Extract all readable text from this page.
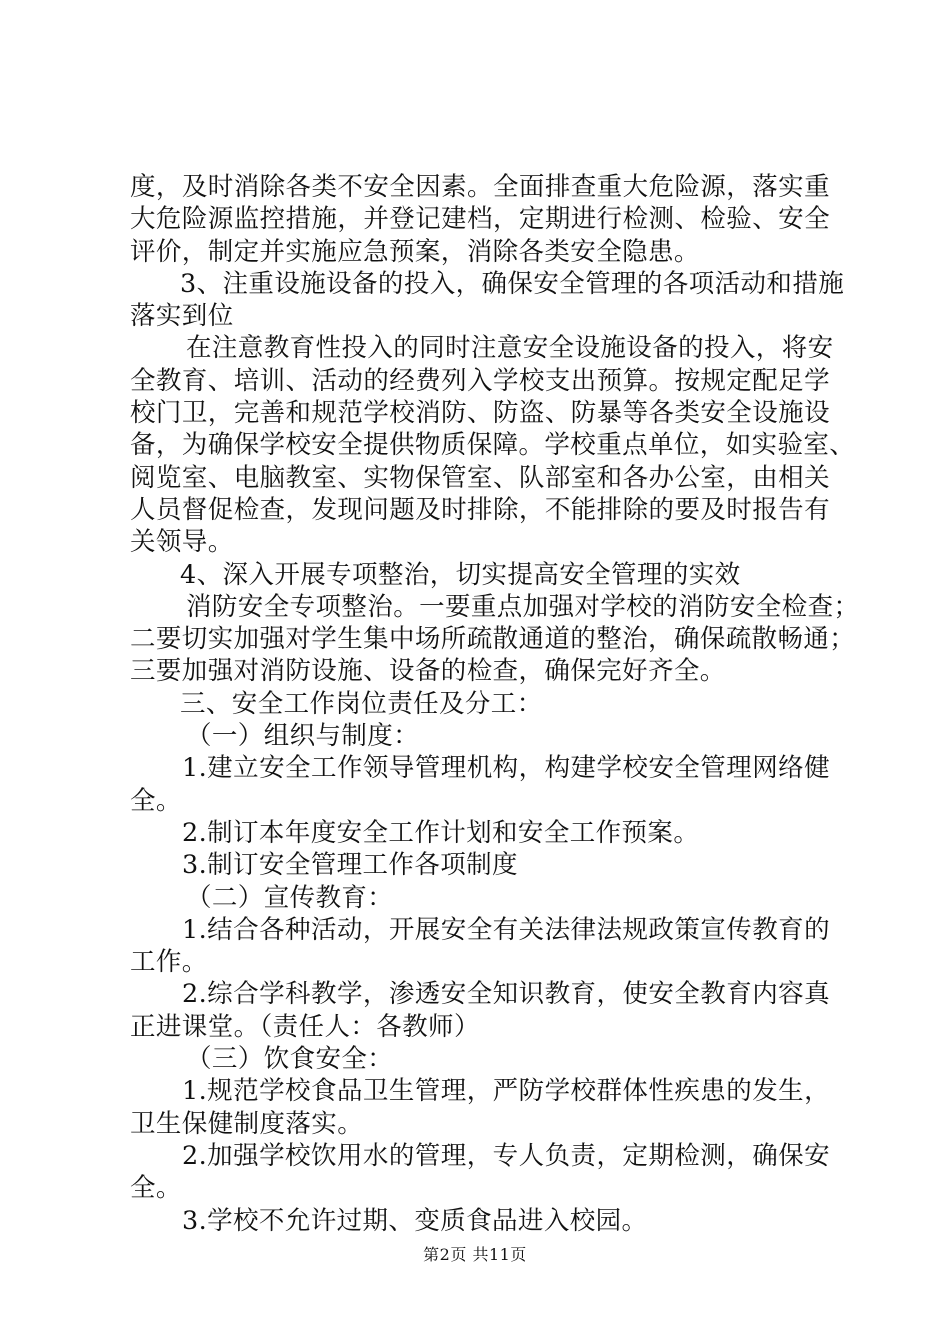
度，及时消除各类不安全因素。全面排查重大危险源，落实重
大危险源监控措施，并登记建档，定期进行检测、检验、安全
评价，制定并实施应急预案，消除各类安全隐患。
3、注重设施设备的投入，确保安全管理的各项活动和措施
落实到位
在注意教育性投入的同时注意安全设施设备的投入，将安
全教育、培训、活动的经费列入学校支出预算。按规定配足学
校门卫，完善和规范学校消防、防盗、防暴等各类安全设施设
备，为确保学校安全提供物质保障。学校重点单位，如实验室、
阅览室、电脑教室、实物保管室、队部室和各办公室，由相关
人员督促检查，发现问题及时排除，不能排除的要及时报告有
关领导。
4、深入开展专项整治，切实提高安全管理的实效
消防安全专项整治。一要重点加强对学校的消防安全检查；
二要切实加强对学生集中场所疏散通道的整治，确保疏散畅通；
三要加强对消防设施、设备的检查，确保完好齐全。
三、安全工作岗位责任及分工：
（一）组织与制度：
1.建立安全工作领导管理机构，构建学校安全管理网络健
全。
2.制订本年度安全工作计划和安全工作预案。
3.制订安全管理工作各项制度
（二）宣传教育：
1.结合各种活动，开展安全有关法律法规政策宣传教育的
工作。
2.综合学科教学，渗透安全知识教育，使安全教育内容真
正进课堂。（责任人：各教师）
（三）饮食安全：
1.规范学校食品卫生管理，严防学校群体性疾患的发生，
卫生保健制度落实。
2.加强学校饮用水的管理，专人负责，定期检测，确保安
全。
3.学校不允许过期、变质食品进入校园。
第2页 共11页
